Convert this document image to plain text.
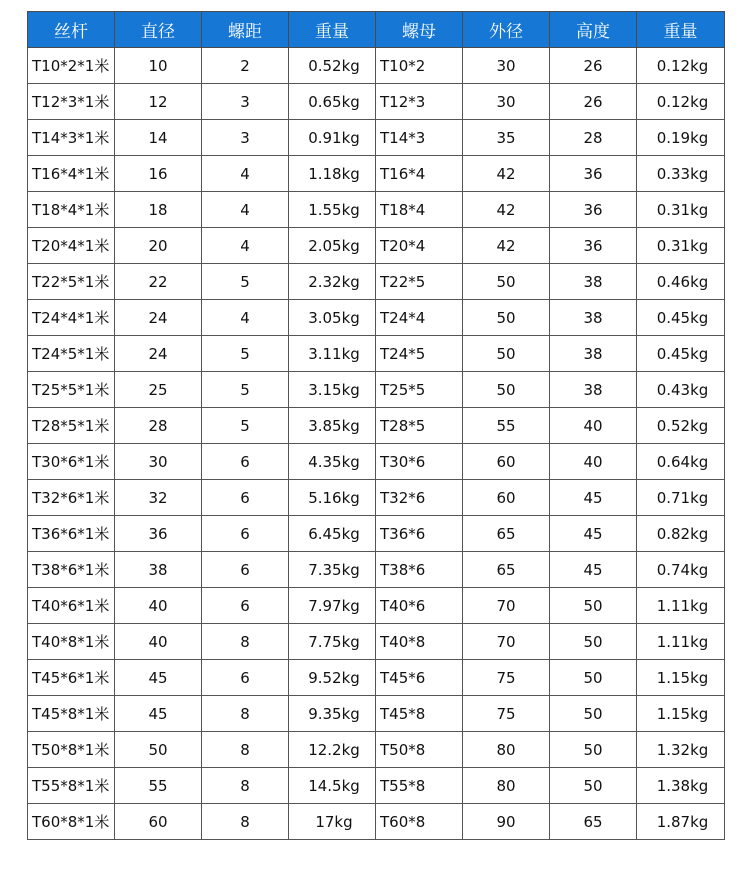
丝杆	直径	螺距	重量	螺母	外径	高度	重量
T10*2*1米	10	2	0.52kg	T10*2	30	26	0.12kg
T12*3*1米	12	3	0.65kg	T12*3	30	26	0.12kg
T14*3*1米	14	3	0.91kg	T14*3	35	28	0.19kg
T16*4*1米	16	4	1.18kg	T16*4	42	36	0.33kg
T18*4*1米	18	4	1.55kg	T18*4	42	36	0.31kg
T20*4*1米	20	4	2.05kg	T20*4	42	36	0.31kg
T22*5*1米	22	5	2.32kg	T22*5	50	38	0.46kg
T24*4*1米	24	4	3.05kg	T24*4	50	38	0.45kg
T24*5*1米	24	5	3.11kg	T24*5	50	38	0.45kg
T25*5*1米	25	5	3.15kg	T25*5	50	38	0.43kg
T28*5*1米	28	5	3.85kg	T28*5	55	40	0.52kg
T30*6*1米	30	6	4.35kg	T30*6	60	40	0.64kg
T32*6*1米	32	6	5.16kg	T32*6	60	45	0.71kg
T36*6*1米	36	6	6.45kg	T36*6	65	45	0.82kg
T38*6*1米	38	6	7.35kg	T38*6	65	45	0.74kg
T40*6*1米	40	6	7.97kg	T40*6	70	50	1.11kg
T40*8*1米	40	8	7.75kg	T40*8	70	50	1.11kg
T45*6*1米	45	6	9.52kg	T45*6	75	50	1.15kg
T45*8*1米	45	8	9.35kg	T45*8	75	50	1.15kg
T50*8*1米	50	8	12.2kg	T50*8	80	50	1.32kg
T55*8*1米	55	8	14.5kg	T55*8	80	50	1.38kg
T60*8*1米	60	8	17kg	T60*8	90	65	1.87kg
